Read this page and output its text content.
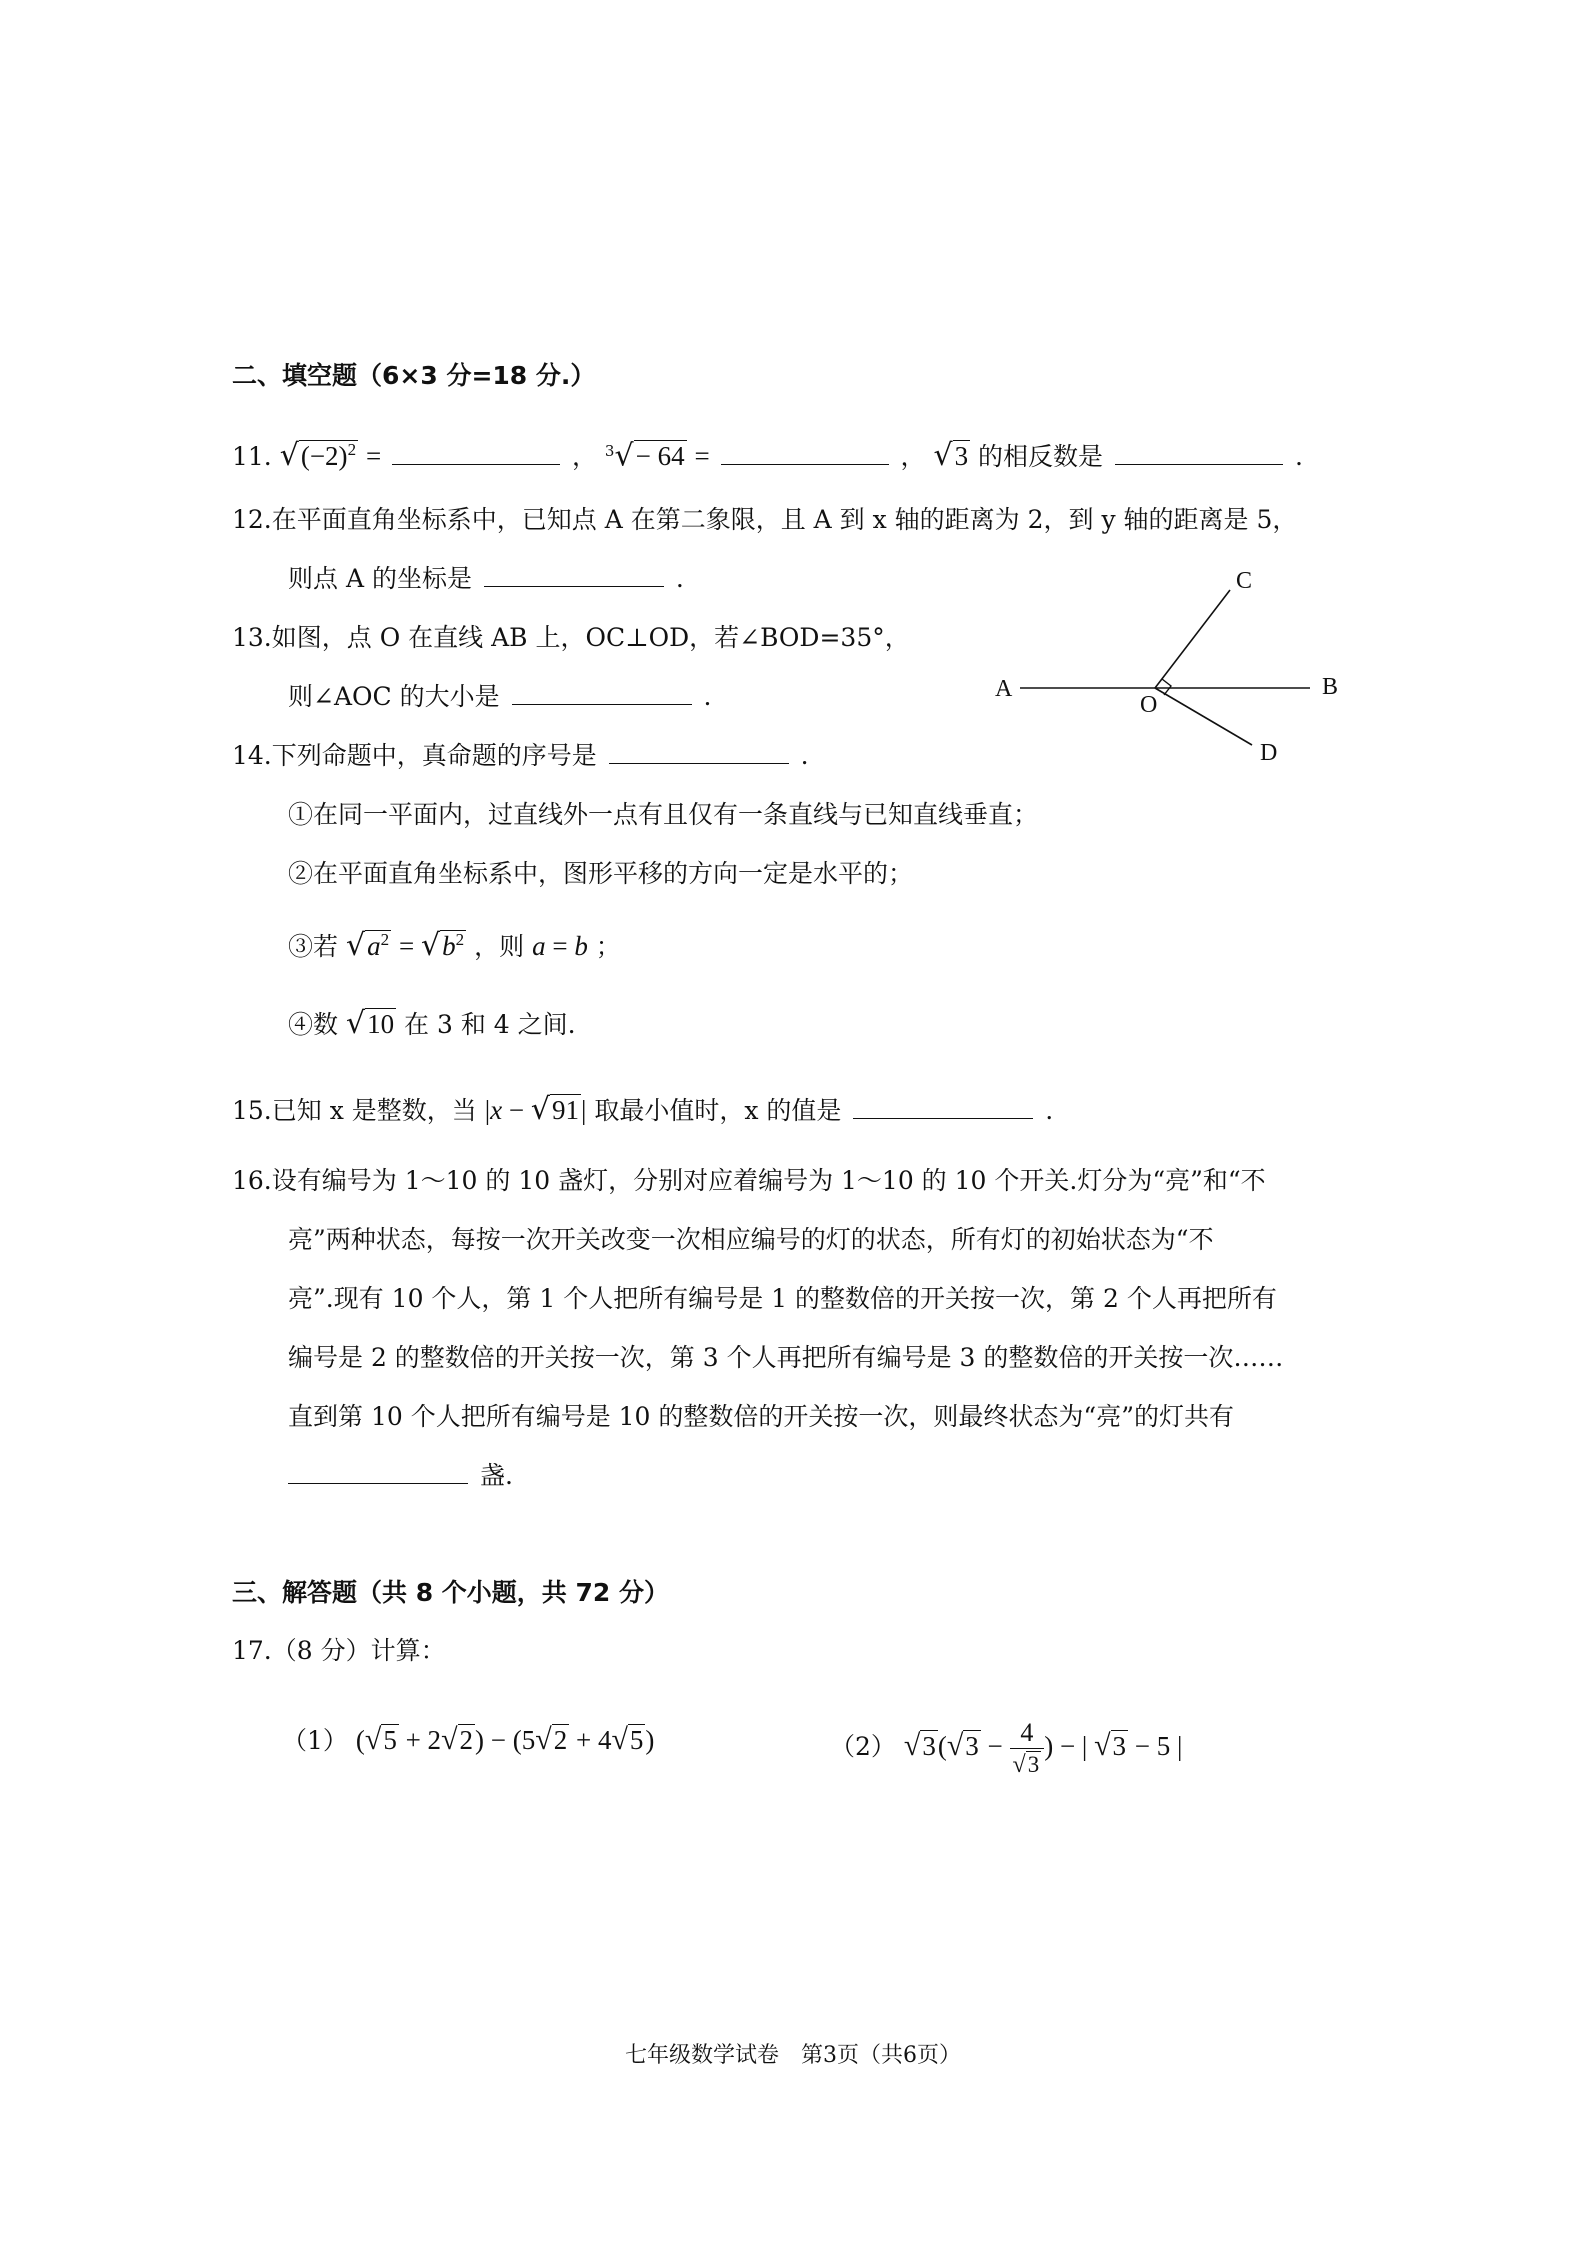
二、填空题（6×3 分=18 分.）
11. $√(-2)^2$ =	， $^3$√− 64 =	， √3 的相反数是	.
12.在平面直角坐标系中，已知点 A 在第二象限，且 A 到 x 轴的距离为 2，到 y 轴的距离是 5，
则点 A 的坐标是	.
13.如图，点 O 在直线 AB 上，OC⊥OD，若∠BOD=35°，
则∠AOC 的大小是	.	A	B
C
D
O
14.下列命题中，真命题的序号是	.
①在同一平面内，过直线外一点有且仅有一条直线与已知直线垂直；
②在平面直角坐标系中，图形平移的方向一定是水平的；
③若 $√a^2 = √b^2$ ，则 a = b ；
④数 √10 在 3 和 4 之间.
15.已知 x 是整数，当 |x − √91| 取最小值时，x 的值是	.
16.设有编号为 1～10 的 10 盏灯，分别对应着编号为 1～10 的 10 个开关.灯分为“亮”和“不
亮”两种状态，每按一次开关改变一次相应编号的灯的状态，所有灯的初始状态为“不
亮”.现有 10 个人，第 1 个人把所有编号是 1 的整数倍的开关按一次，第 2 个人再把所有
编号是 2 的整数倍的开关按一次，第 3 个人再把所有编号是 3 的整数倍的开关按一次……
直到第 10 个人把所有编号是 10 的整数倍的开关按一次，则最终状态为“亮”的灯共有
盏.
三、解答题（共 8 个小题，共 72 分）
17.（8 分）计算：
（1） (√5 + 2√2) − (5√2 + 4√5)	（2） $√3(√3 - \frac{4}{√3}$ ) − | √3 − 5 |
七年级数学试卷　第3页（共6页）
